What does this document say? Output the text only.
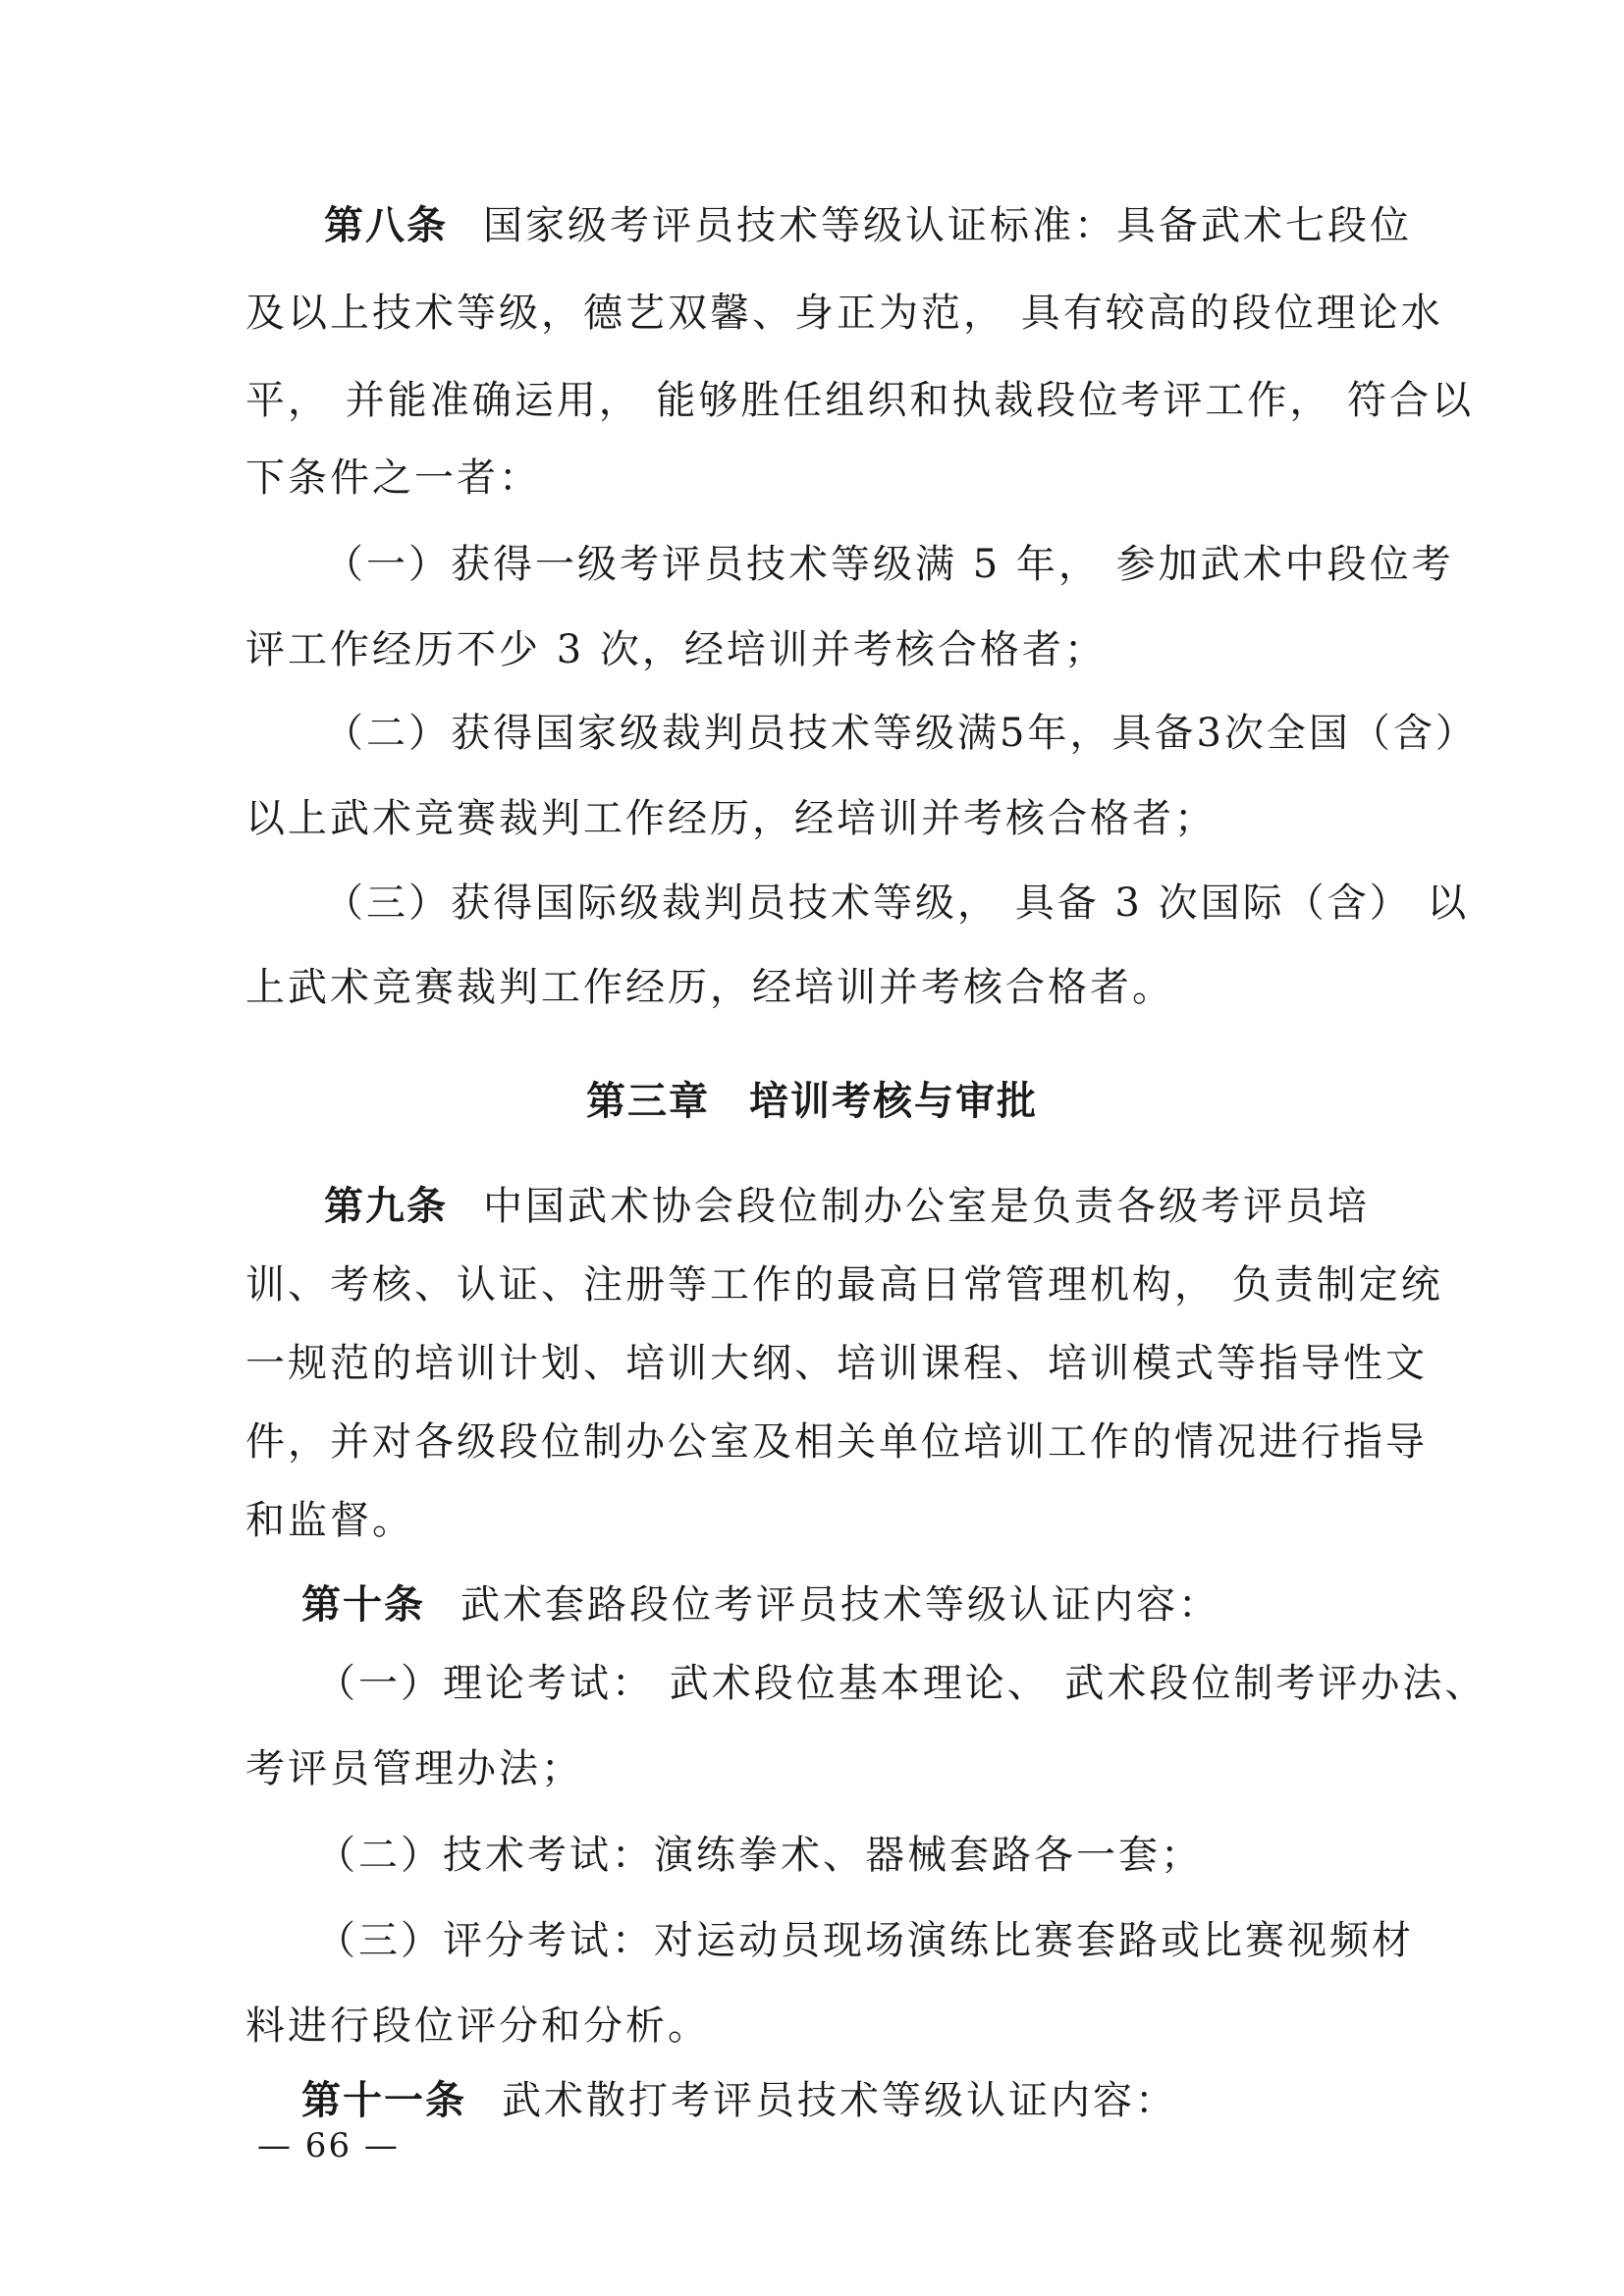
第八条 国家级考评员技术等级认证标准：具备武术七段位
及以上技术等级，德艺双馨、身正为范， 具有较高的段位理论水
平， 并能准确运用， 能够胜任组织和执裁段位考评工作， 符合以
下条件之一者：
（一）获得一级考评员技术等级满 5 年， 参加武术中段位考
评工作经历不少 3 次，经培训并考核合格者；
（二）获得国家级裁判员技术等级满5年，具备3次全国（含）
以上武术竞赛裁判工作经历，经培训并考核合格者；
（三）获得国际级裁判员技术等级， 具备 3 次国际（含） 以
上武术竞赛裁判工作经历，经培训并考核合格者。
第三章 培训考核与审批
第九条 中国武术协会段位制办公室是负责各级考评员培
训、考核、认证、注册等工作的最高日常管理机构， 负责制定统
一规范的培训计划、培训大纲、培训课程、培训模式等指导性文
件，并对各级段位制办公室及相关单位培训工作的情况进行指导
和监督。
第十条 武术套路段位考评员技术等级认证内容：
（一）理论考试： 武术段位基本理论、 武术段位制考评办法、
考评员管理办法；
（二）技术考试：演练拳术、器械套路各一套；
（三）评分考试：对运动员现场演练比赛套路或比赛视频材
料进行段位评分和分析。
第十一条 武术散打考评员技术等级认证内容：
— 66 —
